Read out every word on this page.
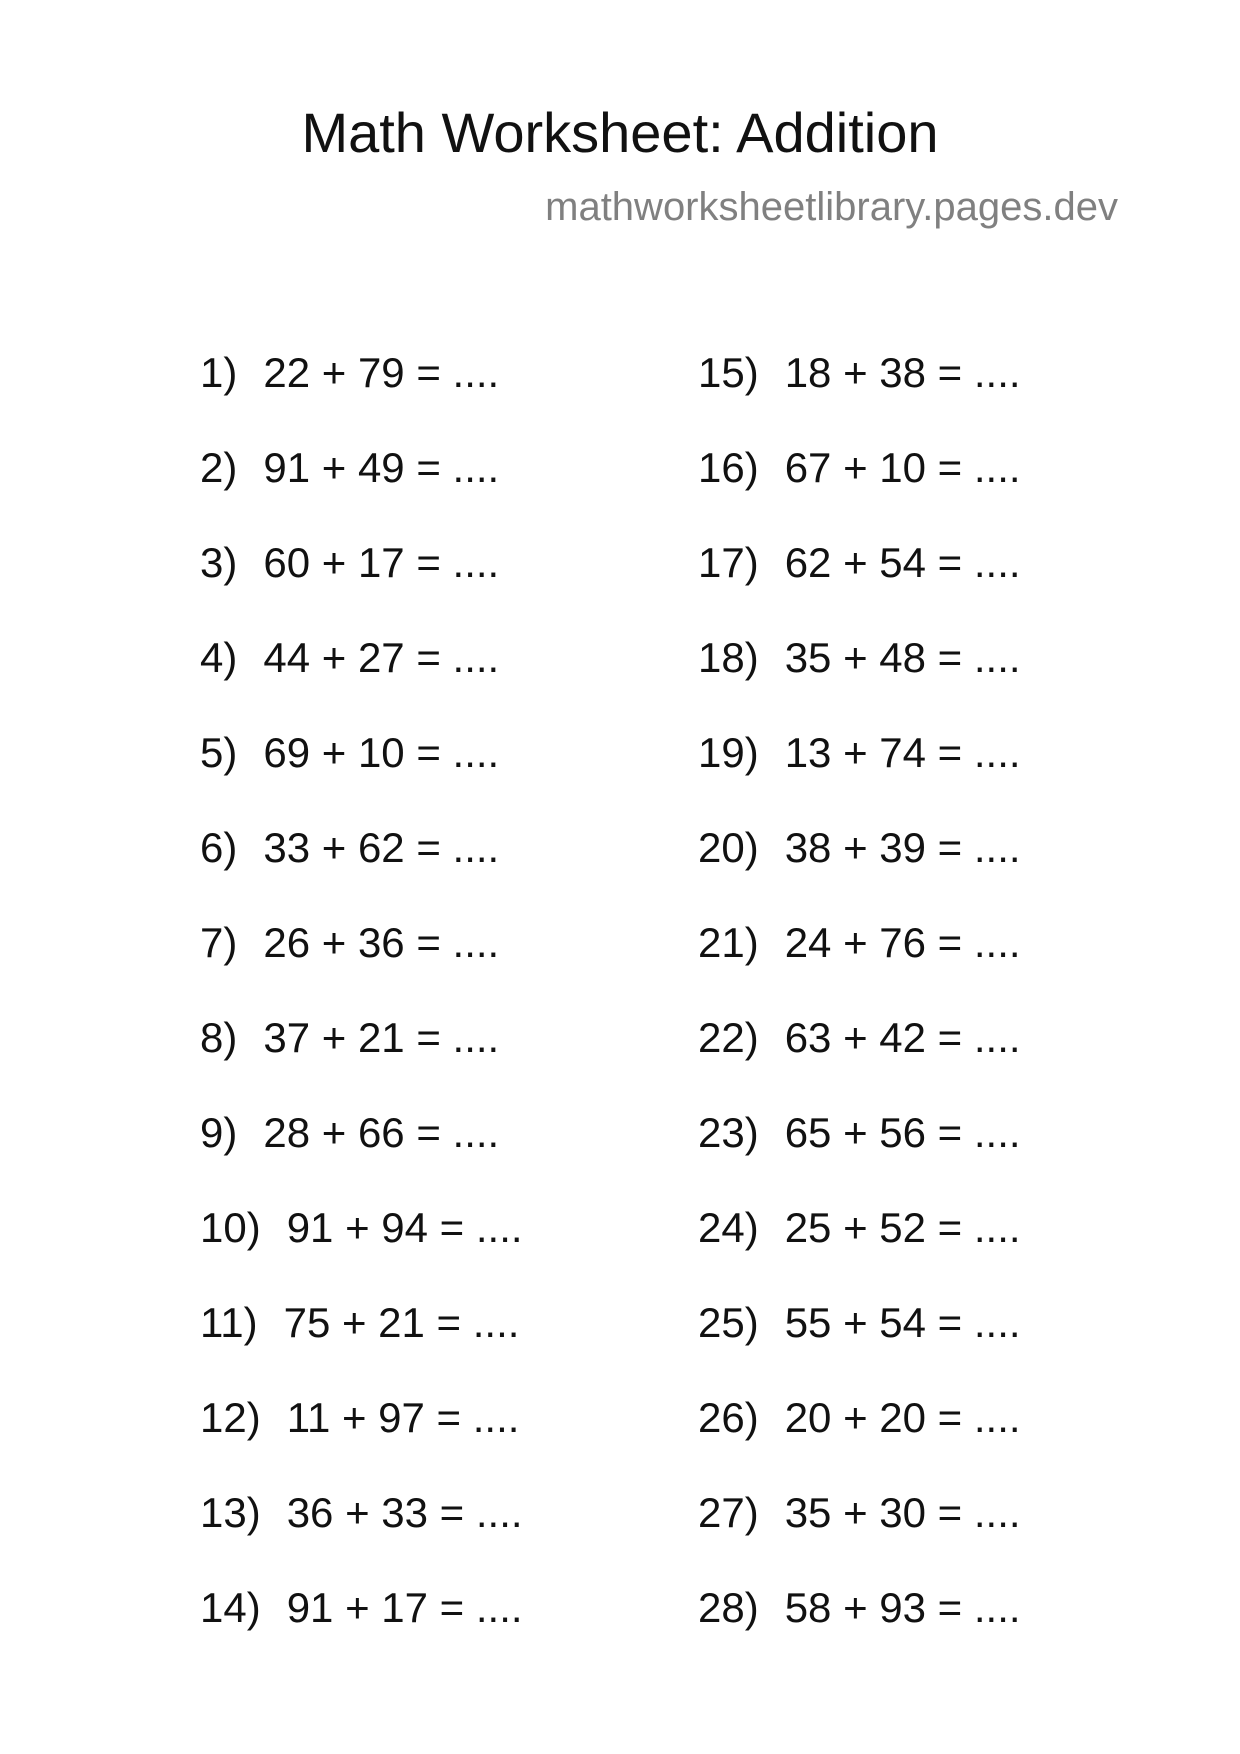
Math Worksheet: Addition
mathworksheetlibrary.pages.dev
1) 22 + 79 = ....
2) 91 + 49 = ....
3) 60 + 17 = ....
4) 44 + 27 = ....
5) 69 + 10 = ....
6) 33 + 62 = ....
7) 26 + 36 = ....
8) 37 + 21 = ....
9) 28 + 66 = ....
10) 91 + 94 = ....
11) 75 + 21 = ....
12) 11 + 97 = ....
13) 36 + 33 = ....
14) 91 + 17 = ....
15) 18 + 38 = ....
16) 67 + 10 = ....
17) 62 + 54 = ....
18) 35 + 48 = ....
19) 13 + 74 = ....
20) 38 + 39 = ....
21) 24 + 76 = ....
22) 63 + 42 = ....
23) 65 + 56 = ....
24) 25 + 52 = ....
25) 55 + 54 = ....
26) 20 + 20 = ....
27) 35 + 30 = ....
28) 58 + 93 = ....
